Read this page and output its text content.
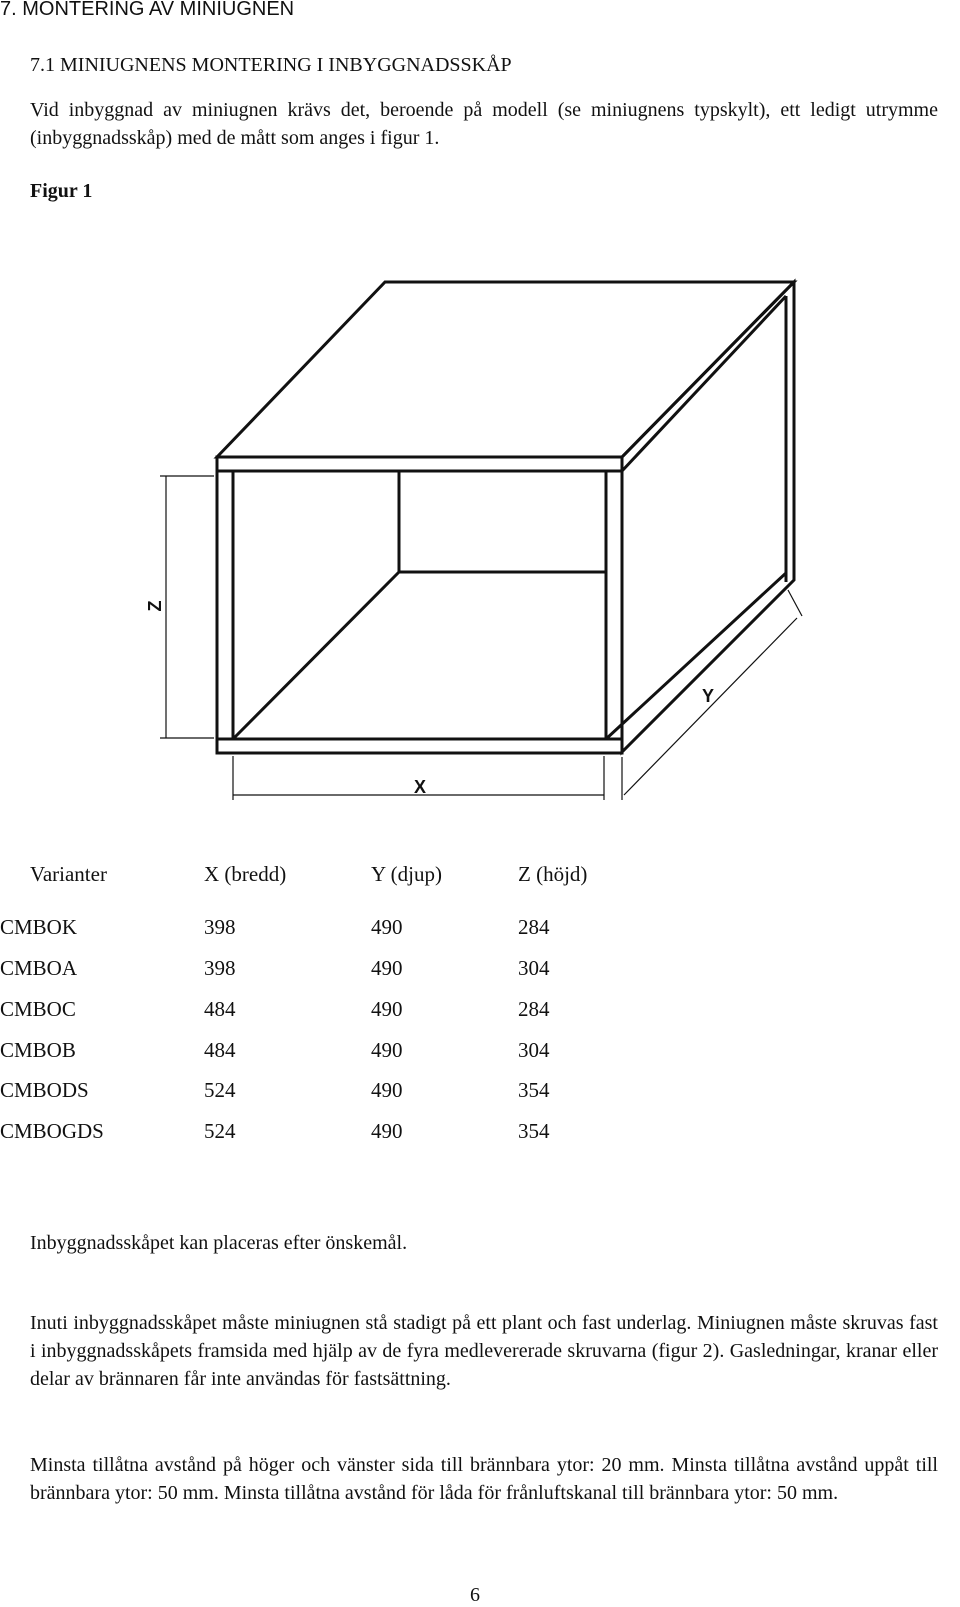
7. MONTERING AV MINIUGNEN
7.1 MINIUGNENS MONTERING I INBYGGNADSSKÅP
Vid inbyggnad av miniugnen krävs det, beroende på modell (se miniugnens typskylt), ett ledigt utrymme (inbyggnadsskåp) med de mått som anges i figur 1.
Figur 1
Z
Y
X
Varianter	X (bredd)	Y (djup)	Z (höjd)
CMBOK	398	490	284
CMBOA	398	490	304
CMBOC	484	490	284
CMBOB	484	490	304
CMBODS	524	490	354
CMBOGDS	524	490	354
Inbyggnadsskåpet kan placeras efter önskemål.
Inuti inbyggnadsskåpet måste miniugnen stå stadigt på ett plant och fast underlag. Miniugnen måste skruvas fast i inbyggnadsskåpets framsida med hjälp av de fyra medlevererade skruvarna (figur 2). Gasledningar, kranar eller delar av brännaren får inte användas för fastsättning.
Minsta tillåtna avstånd på höger och vänster sida till brännbara ytor: 20 mm. Minsta tillåtna avstånd uppåt till brännbara ytor: 50 mm. Minsta tillåtna avstånd för låda för frånluftskanal till brännbara ytor: 50 mm.
6
